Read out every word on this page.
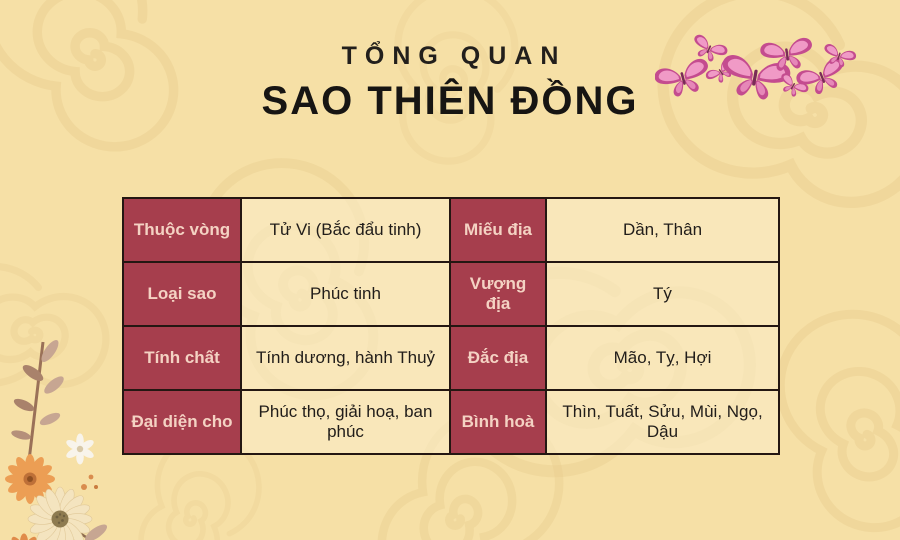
TỔNG QUAN
SAO THIÊN ĐỒNG
Thuộc vòng	Tử Vi (Bắc đẩu tinh)	Miếu địa	Dần, Thân
Loại sao	Phúc tinh	Vượng địa	Tý
Tính chất	Tính dương, hành Thuỷ	Đắc địa	Mão, Tỵ, Hợi
Đại diện cho	Phúc thọ, giải hoạ, ban phúc	Bình hoà	Thìn, Tuất, Sửu, Mùi, Ngọ, Dậu
